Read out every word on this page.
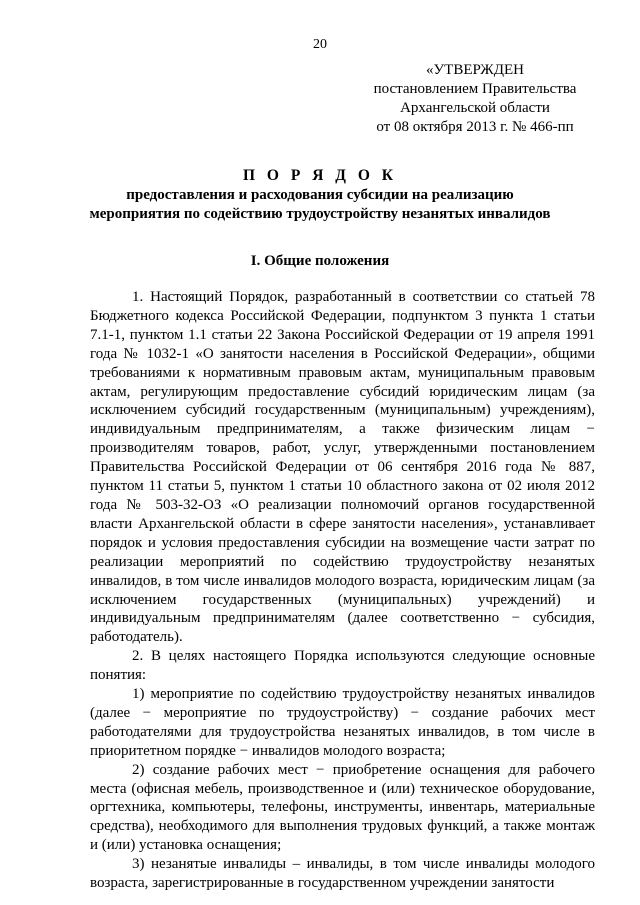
20
«УТВЕРЖДЕН
постановлением Правительства
Архангельской области
от 08 октября 2013 г. № 466-пп
П О Р Я Д О К
предоставления и расходования субсидии на реализацию
мероприятия по содействию трудоустройству незанятых инвалидов
I. Общие положения

1. Настоящий Порядок, разработанный в соответствии со статьей 78 Бюджетного кодекса Российской Федерации, подпунктом 3 пункта 1 статьи 7.1-1, пунктом 1.1 статьи 22 Закона Российской Федерации от 19 апреля 1991 года № 1032-1 «О занятости населения в Российской Федерации», общими требованиями к нормативным правовым актам, муниципальным правовым актам, регулирующим предоставление субсидий юридическим лицам (за исключением субсидий государственным (муниципальным) учреждениям), индивидуальным предпринимателям, а также физическим лицам − производителям товаров, работ, услуг, утвержденными постановлением Правительства Российской Федерации от 06 сентября 2016 года № 887, пунктом 11 статьи 5, пунктом 1 статьи 10 областного закона от 02 июля 2012 года № 503-32-ОЗ «О реализации полномочий органов государственной власти Архангельской области в сфере занятости населения», устанавливает порядок и условия предоставления субсидии на возмещение части затрат по реализации мероприятий по содействию трудоустройству незанятых инвалидов, в том числе инвалидов молодого возраста, юридическим лицам (за исключением государственных (муниципальных) учреждений) и индивидуальным предпринимателям (далее соответственно − субсидия, работодатель).

2. В целях настоящего Порядка используются следующие основные понятия:

1) мероприятие по содействию трудоустройству незанятых инвалидов (далее − мероприятие по трудоустройству) − создание рабочих мест работодателями для трудоустройства незанятых инвалидов, в том числе в приоритетном порядке − инвалидов молодого возраста;

2) создание рабочих мест − приобретение оснащения для рабочего места (офисная мебель, производственное и (или) техническое оборудование, оргтехника, компьютеры, телефоны, инструменты, инвентарь, материальные средства), необходимого для выполнения трудовых функций, а также монтаж и (или) установка оснащения;

3) незанятые инвалиды – инвалиды, в том числе инвалиды молодого возраста, зарегистрированные в государственном учреждении занятости
